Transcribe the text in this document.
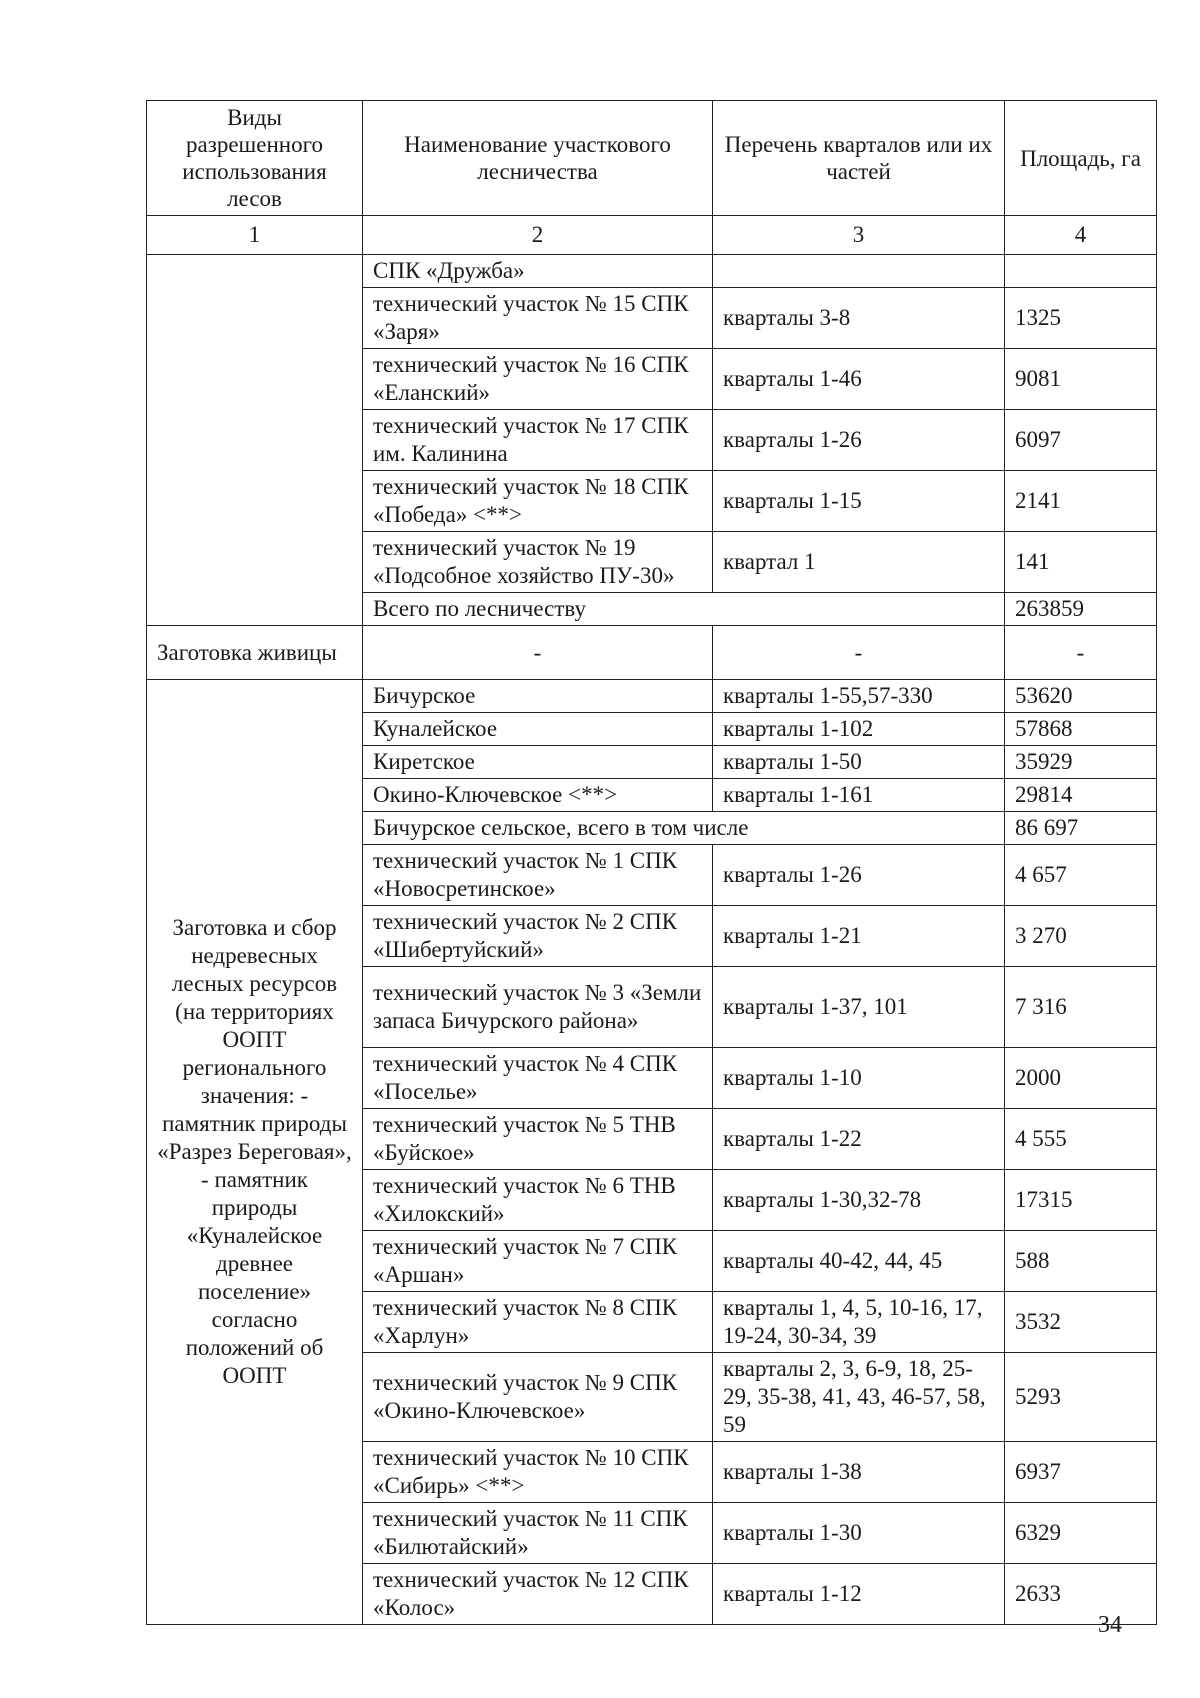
Виды разрешенного использования лесов	Наименование участкового лесничества	Перечень кварталов или их частей	Площадь, га
1	2	3	4
	СПК «Дружба»		
	технический участок № 15 СПК «Заря»	кварталы 3-8	1325
	технический участок № 16 СПК «Еланский»	кварталы 1-46	9081
	технический участок № 17 СПК им. Калинина	кварталы 1-26	6097
	технический участок № 18 СПК «Победа» <**>	кварталы 1-15	2141
	технический участок № 19 «Подсобное хозяйство ПУ-30»	квартал 1	141
	Всего по лесничеству		263859
Заготовка живицы	-	-	-
Заготовка и сбор недревесных лесных ресурсов (на территориях ООПТ регионального значения: - памятник природы «Разрез Береговая», - памятник природы «Куналейское древнее поселение» согласно положений об ООПТ	Бичурское	кварталы 1-55,57-330	53620
	Куналейское	кварталы 1-102	57868
	Киретское	кварталы 1-50	35929
	Окино-Ключевское <**>	кварталы 1-161	29814
	Бичурское сельское, всего в том числе		86 697
	технический участок № 1 СПК «Новосретинское»	кварталы 1-26	4 657
	технический участок № 2 СПК «Шибертуйский»	кварталы 1-21	3 270
	технический участок № 3 «Земли запаса Бичурского района»	кварталы 1-37, 101	7 316
	технический участок № 4 СПК «Поселье»	кварталы 1-10	2000
	технический участок № 5 ТНВ «Буйское»	кварталы 1-22	4 555
	технический участок № 6 ТНВ «Хилокский»	кварталы 1-30,32-78	17315
	технический участок № 7 СПК «Аршан»	кварталы 40-42, 44, 45	588
	технический участок № 8 СПК «Харлун»	кварталы 1, 4, 5, 10-16, 17, 19-24, 30-34, 39	3532
	технический участок № 9 СПК «Окино-Ключевское»	кварталы 2, 3, 6-9, 18, 25-29, 35-38, 41, 43, 46-57, 58, 59	5293
	технический участок № 10 СПК «Сибирь» <**>	кварталы 1-38	6937
	технический участок № 11 СПК «Билютайский»	кварталы 1-30	6329
	технический участок № 12 СПК «Колос»	кварталы 1-12	2633
34
